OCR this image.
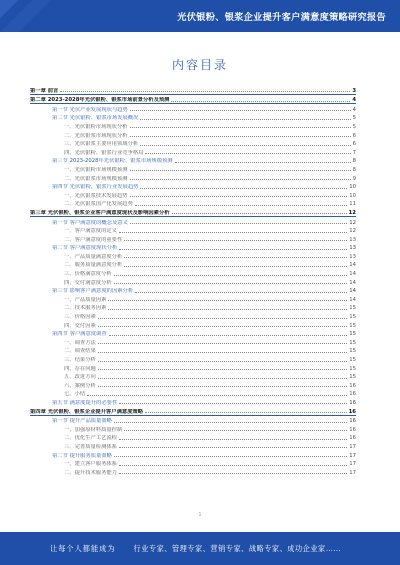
光伏银粉、银浆企业提升客户满意度策略研究报告
内容目录
第一章 前言	3
第二章 2023-2028年光伏银粉、银浆市场前景分析及预测	4
第一节 光伏产业发展现状与趋势	4
第二节 光伏银粉、银浆市场发展概况	5
一、光伏银粉市场现状分析	5
二、光伏银浆市场现状分析	6
三、光伏银浆主要应用领域分析	6
四、光伏银粉、银浆行业竞争格局	7
第三节 2023-2028年光伏银粉、银浆市场规模预测	8
一、光伏银粉市场规模预测	8
二、光伏银浆市场规模预测	9
第四节 光伏银粉、银浆行业发展趋势	10
一、光伏银浆技术发展趋势	10
二、光伏银浆国产化发展趋势	11
第三章 光伏银粉、银浆企业客户满意度现状及影响因素分析	12
第一节 客户满意度的概念及意义	12
一、客户满意度的定义	12
二、客户满意度的重要性	13
第二节 客户满意度现状分析	13
一、产品质量满意度分析	13
二、服务质量满意度分析	14
三、价格满意度分析	14
四、交付满意度分析	14
第三节 影响客户满意度的因素分析	14
一、产品质量因素	14
二、技术服务因素	15
三、价格因素	15
四、交付因素	15
第四节 客户满意度调查	15
一、调查方法	15
二、调查结果	15
三、结果分析	15
四、存在问题	15
五、改进方向	15
六、案例分析	16
七、小结	16
第五节 满意度提升的必要性	16
第四章 光伏银粉、银浆企业提升客户满意度策略	16
第一节 提升产品质量策略	16
一、加强原材料质量控制	16
二、优化生产工艺流程	16
三、完善质量检测体系	17
第二节 提升服务质量策略	17
一、建立客户服务体系	17
二、提升技术服务能力	17
1
让每个人都能成为	行业专家、管理专家、营销专家、战略专家、成功企业家……
